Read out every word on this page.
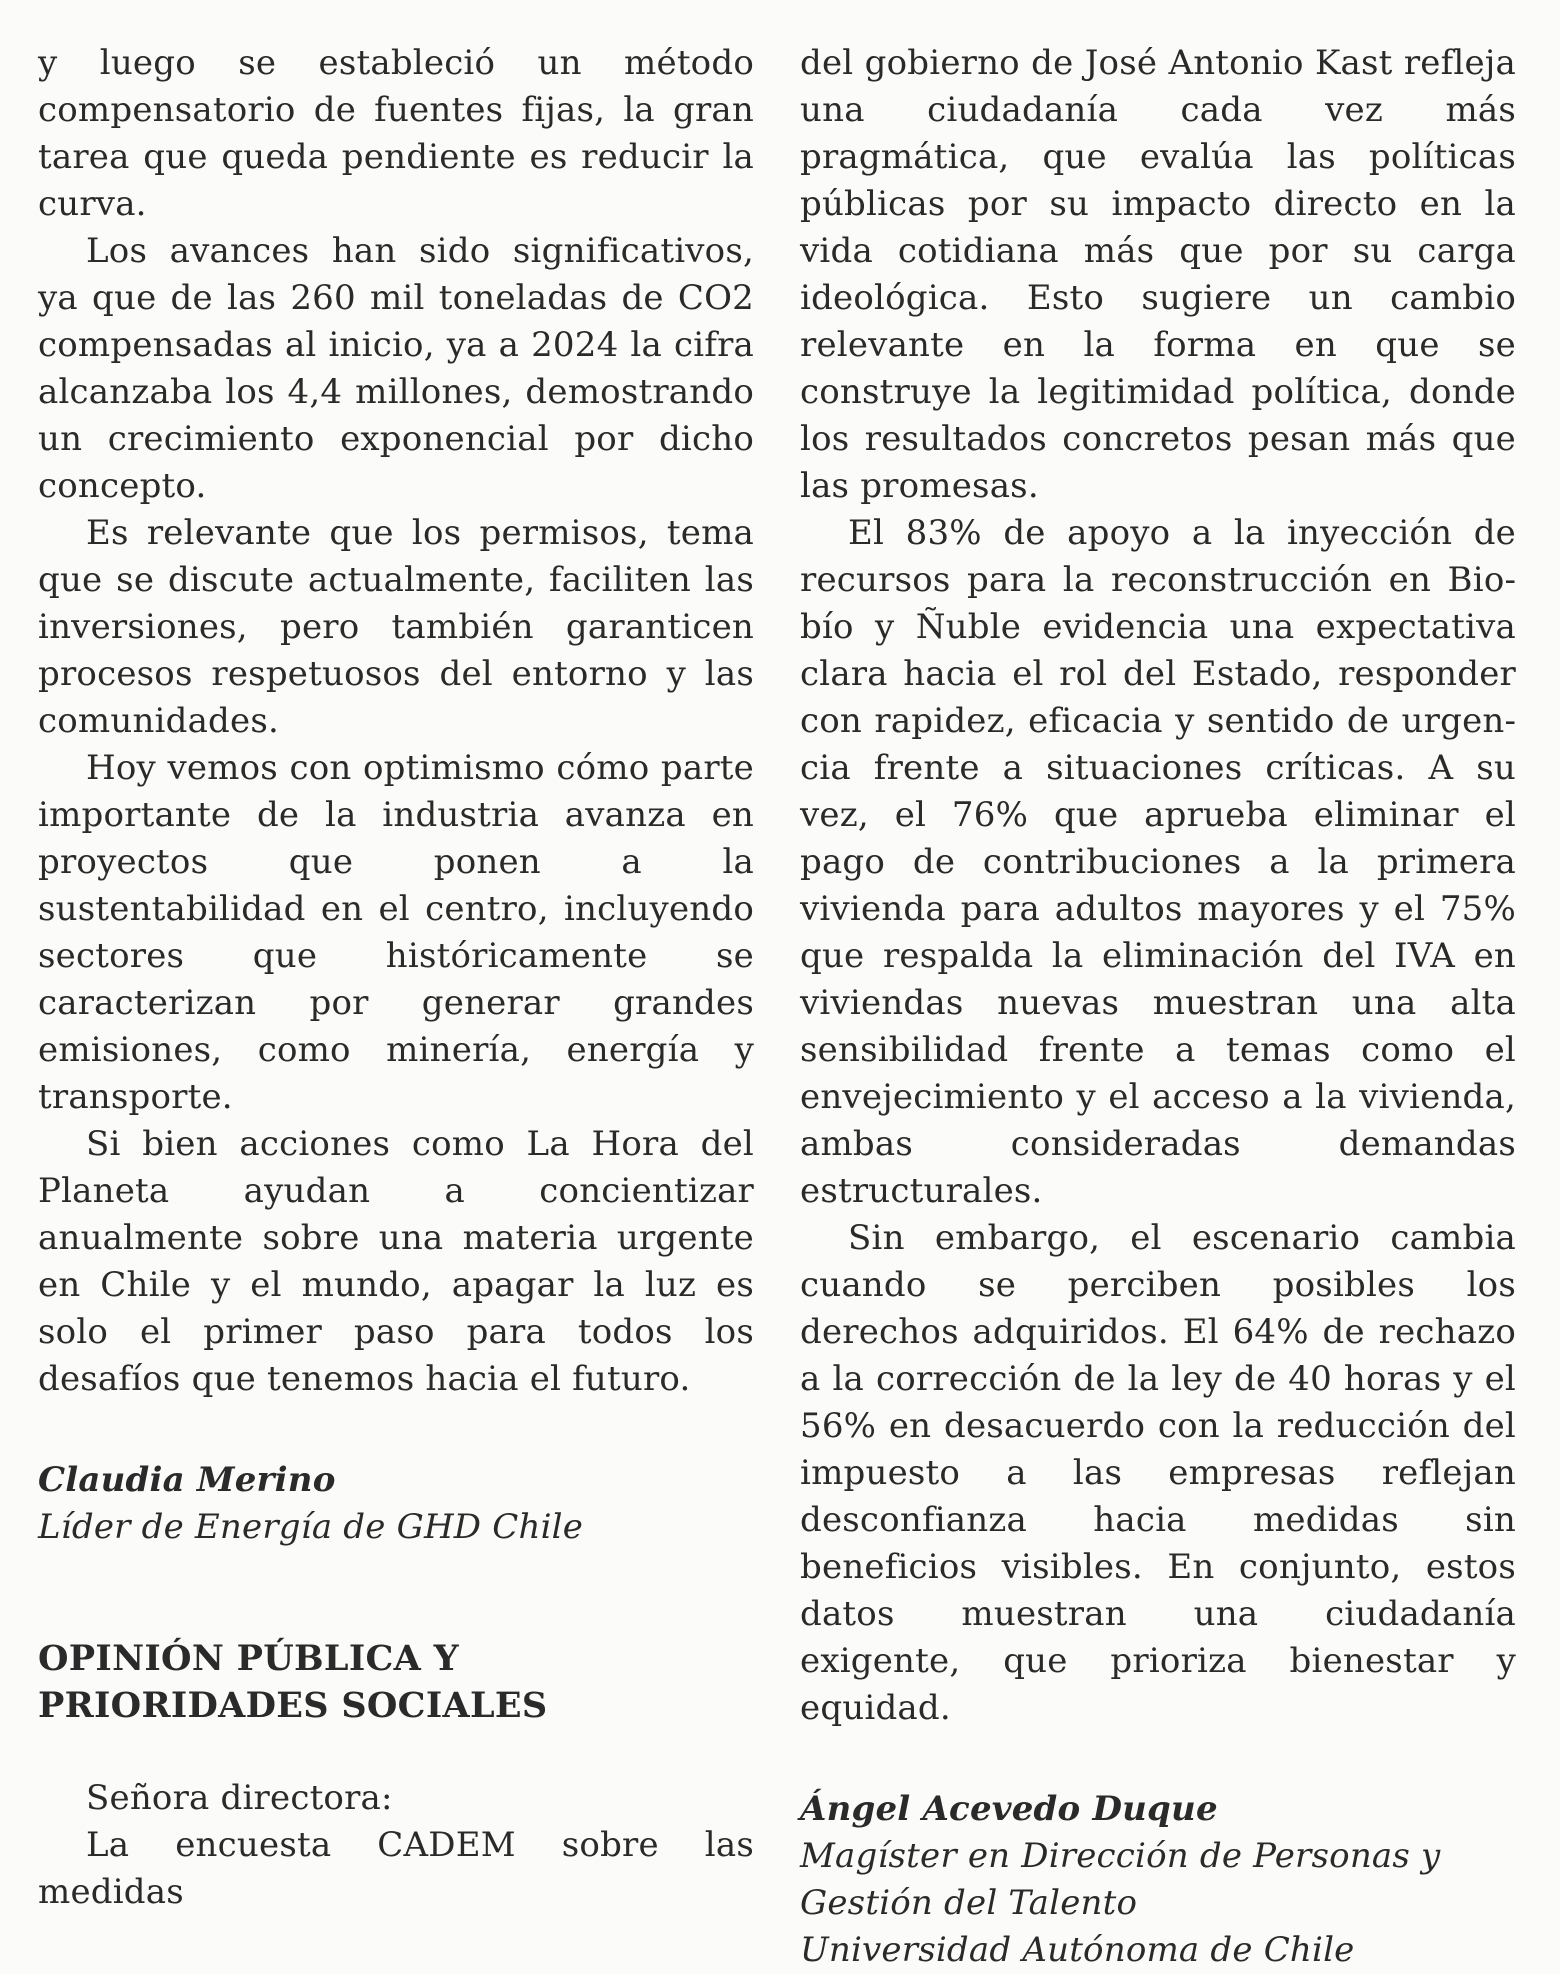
y luego se estableció un método compensatorio de fuentes fijas, la gran tarea que queda pendiente es reducir la curva.

Los avances han sido significativos, ya que de las 260 mil toneladas de CO2 compensadas al inicio, ya a 2024 la cifra alcanzaba los 4,4 millones, demostrando un crecimiento exponencial por dicho concepto.

Es relevante que los permisos, tema que se discute actualmente, faciliten las inversiones, pero también garanticen procesos respetuosos del entorno y las comunidades.

Hoy vemos con optimismo cómo parte importante de la industria avanza en proyectos que ponen a la sustentabilidad en el centro, incluyendo sectores que históricamente se caracterizan por generar grandes emisiones, como minería, energía y transporte.

Si bien acciones como La Hora del Planeta ayudan a concientizar anualmente sobre una materia urgente en Chile y el mundo, apagar la luz es solo el primer paso para todos los desafíos que tenemos hacia el futuro.

Claudia Merino

Líder de Energía de GHD Chile

OPINIÓN PÚBLICA Y PRIORIDADES SOCIALES

Señora directora:

La encuesta CADEM sobre las medidas

del gobierno de José Antonio Kast refleja una ciudadanía cada vez más pragmática, que evalúa las políticas públicas por su impacto directo en la vida cotidiana más que por su carga ideológica. Esto sugiere un cambio relevante en la forma en que se construye la legitimidad política, donde los resultados concretos pesan más que las promesas.

El 83% de apoyo a la inyección de recursos para la reconstrucción en Biobío y Ñuble evidencia una expectativa clara hacia el rol del Estado, responder con rapidez, eficacia y sentido de urgencia frente a situaciones críticas. A su vez, el 76% que aprueba eliminar el pago de contribuciones a la primera vivienda para adultos mayores y el 75% que respalda la eliminación del IVA en viviendas nuevas muestran una alta sensibilidad frente a temas como el envejecimiento y el acceso a la vivienda, ambas consideradas demandas estructurales.

Sin embargo, el escenario cambia cuando se perciben posibles los derechos adquiridos. El 64% de rechazo a la corrección de la ley de 40 horas y el 56% en desacuerdo con la reducción del impuesto a las empresas reflejan desconfianza hacia medidas sin beneficios visibles. En conjunto, estos datos muestran una ciudadanía exigente, que prioriza bienestar y equidad.

Ángel Acevedo Duque

Magíster en Dirección de Personas y

Gestión del Talento

Universidad Autónoma de Chile
